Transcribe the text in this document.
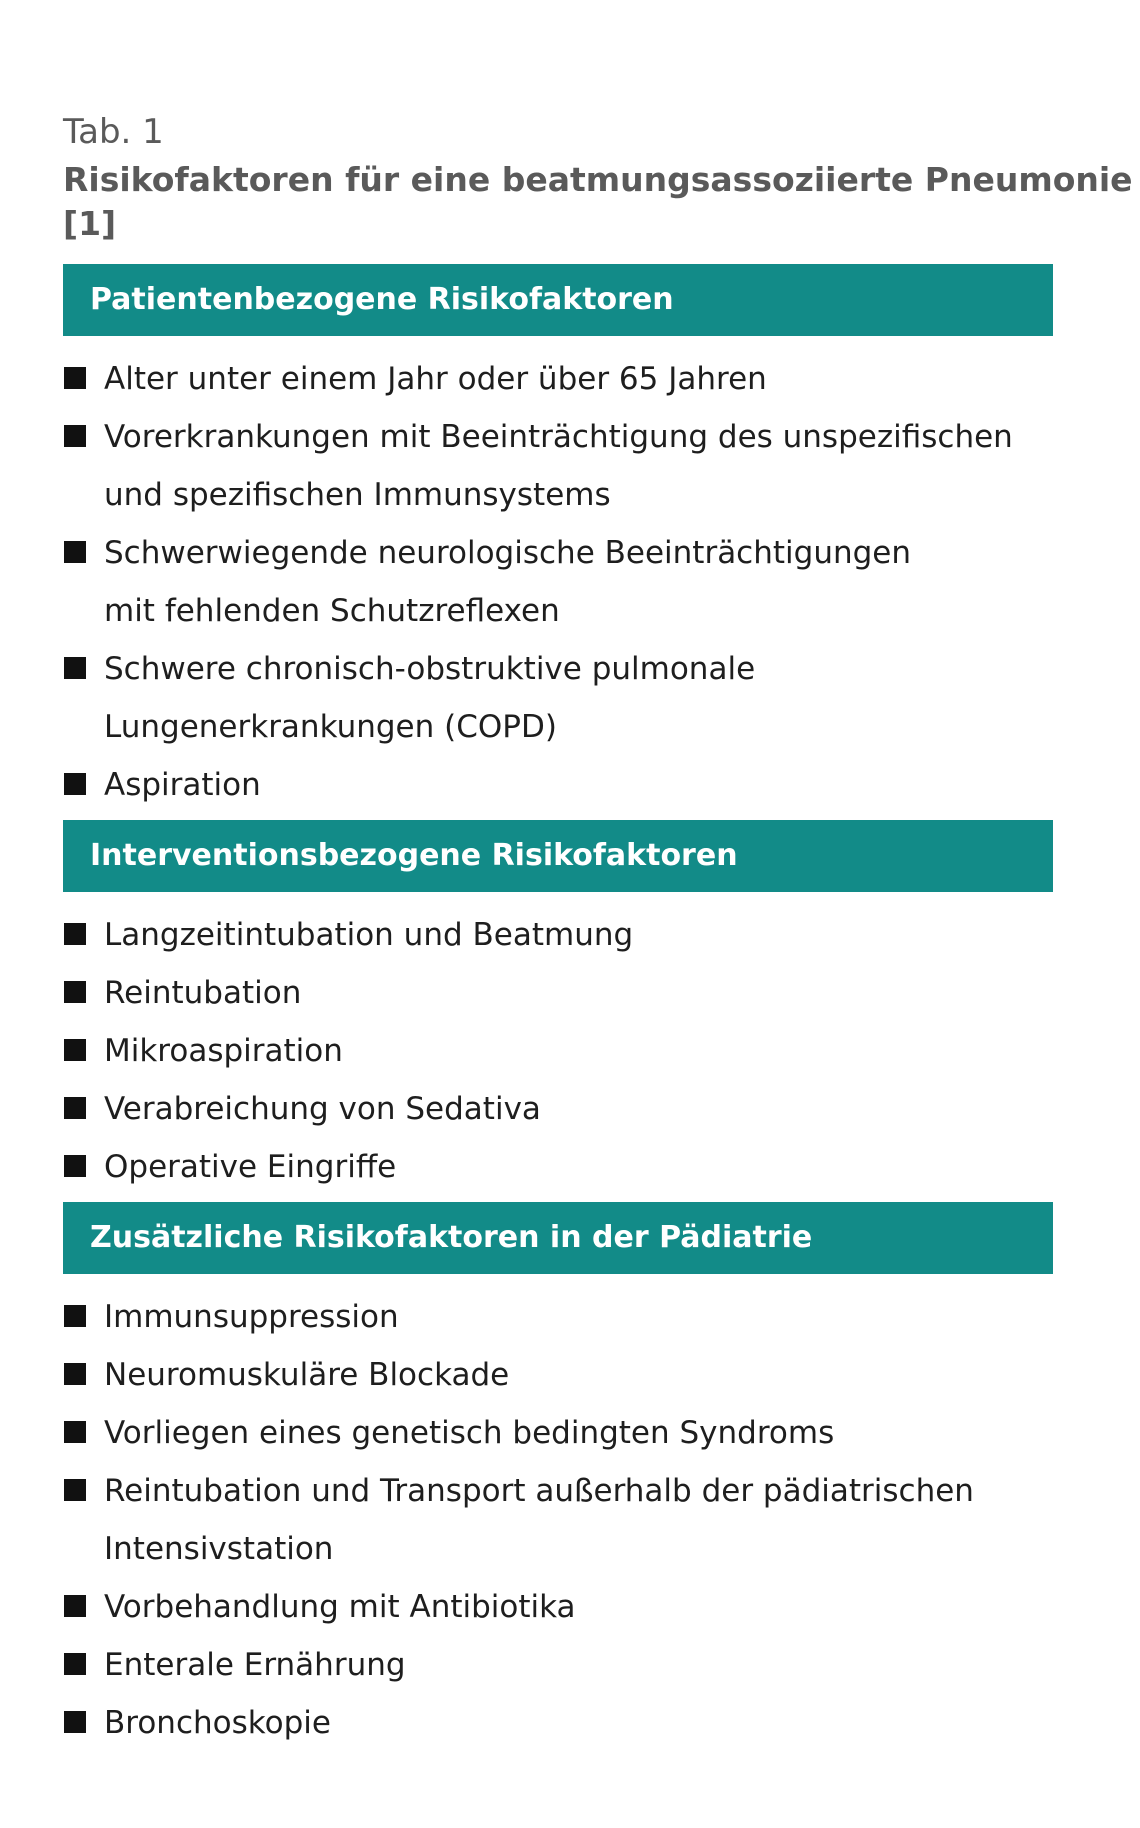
Tab. 1

Risikofaktoren für eine beatmungsassoziierte Pneumonie [1]

Patientenbezogene Risikofaktoren
Alter unter einem Jahr oder über 65 Jahren
Vorerkrankungen mit Beeinträchtigung des unspezifischen und spezifischen Immunsystems
Schwerwiegende neurologische Beeinträchtigungen
mit fehlenden Schutzreflexen
Schwere chronisch-obstruktive pulmonale
Lungenerkrankungen (COPD)
Aspiration
Interventionsbezogene Risikofaktoren
Langzeitintubation und Beatmung
Reintubation
Mikroaspiration
Verabreichung von Sedativa
Operative Eingriffe
Zusätzliche Risikofaktoren in der Pädiatrie
Immunsuppression
Neuromuskuläre Blockade
Vorliegen eines genetisch bedingten Syndroms
Reintubation und Transport außerhalb der pädiatrischen
Intensivstation
Vorbehandlung mit Antibiotika
Enterale Ernährung
Bronchoskopie
